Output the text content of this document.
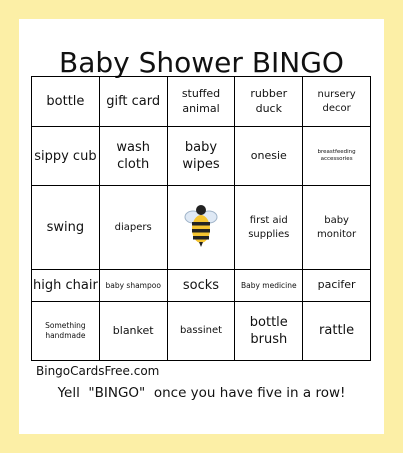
Baby Shower BINGO
bottle	gift card	stuffed animal	rubber duck	nursery decor
sippy cub	wash cloth	baby wipes	onesie	breastfeeding accessories
swing	diapers		first aid supplies	baby monitor
high chair	baby shampoo	socks	Baby medicine	pacifer
Something handmade	blanket	bassinet	bottle brush	rattle
BingoCardsFree.com
Yell  "BINGO"  once you have five in a row!
